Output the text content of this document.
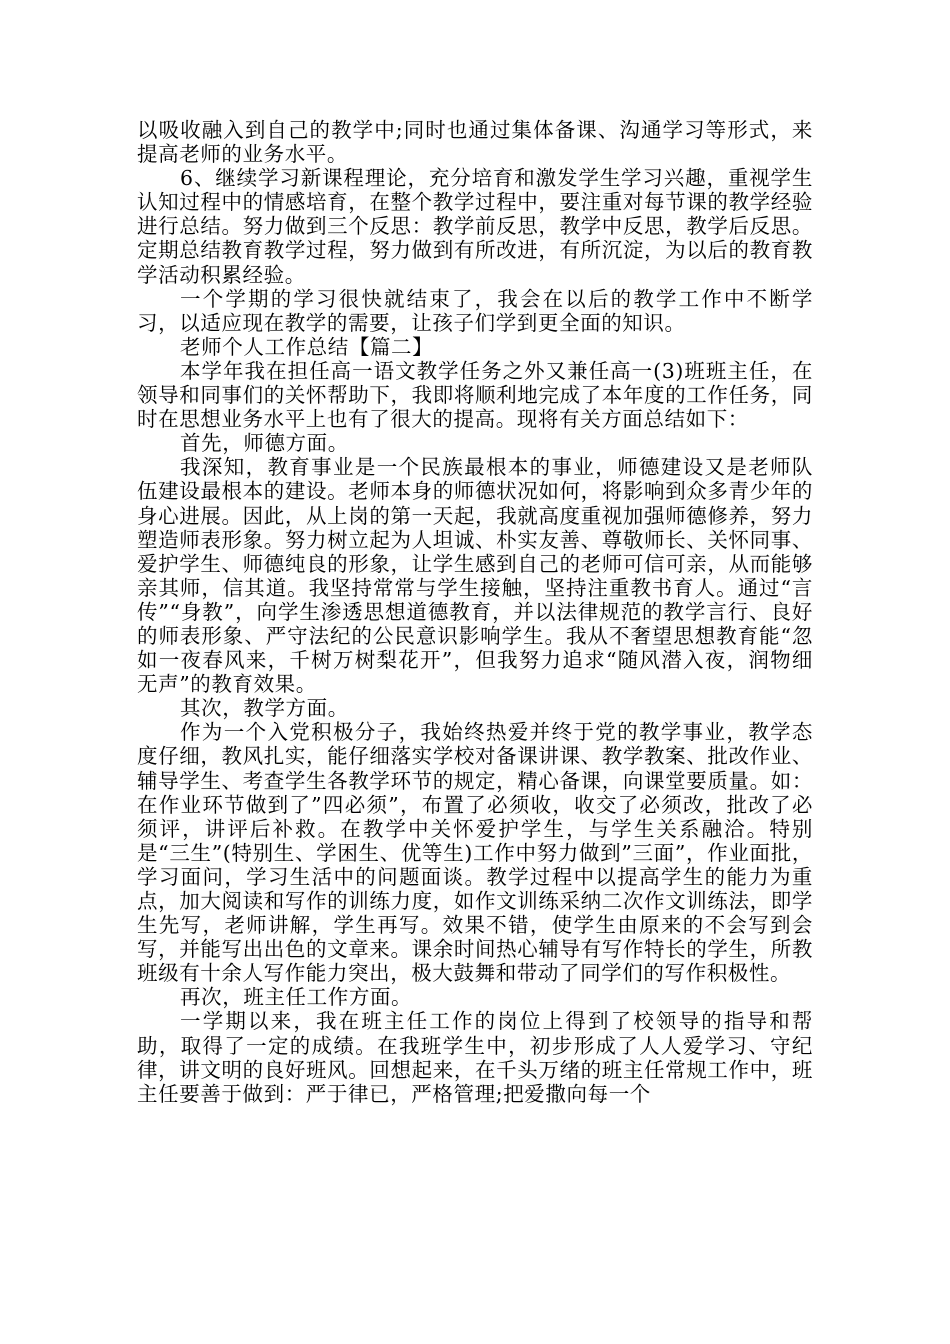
以吸收融入到自己的教学中;同时也通过集体备课、沟通学习等形式，来提高老师的业务水平。

6、继续学习新课程理论，充分培育和激发学生学习兴趣，重视学生认知过程中的情感培育，在整个教学过程中，要注重对每节课的教学经验进行总结。努力做到三个反思：教学前反思，教学中反思，教学后反思。定期总结教育教学过程，努力做到有所改进，有所沉淀，为以后的教育教学活动积累经验。

一个学期的学习很快就结束了，我会在以后的教学工作中不断学习，以适应现在教学的需要，让孩子们学到更全面的知识。

老师个人工作总结【篇二】

本学年我在担任高一语文教学任务之外又兼任高一(3)班班主任，在领导和同事们的关怀帮助下，我即将顺利地完成了本年度的工作任务，同时在思想业务水平上也有了很大的提高。现将有关方面总结如下：

首先，师德方面。

我深知，教育事业是一个民族最根本的事业，师德建设又是老师队伍建设最根本的建设。老师本身的师德状况如何，将影响到众多青少年的身心进展。因此，从上岗的第一天起，我就高度重视加强师德修养，努力塑造师表形象。努力树立起为人坦诚、朴实友善、尊敬师长、关怀同事、爱护学生、师德纯良的形象，让学生感到自己的老师可信可亲，从而能够亲其师，信其道。我坚持常常与学生接触，坚持注重教书育人。通过“言传”“身教”，向学生渗透思想道德教育，并以法律规范的教学言行、良好的师表形象、严守法纪的公民意识影响学生。我从不奢望思想教育能“忽如一夜春风来，千树万树梨花开”，但我努力追求“随风潜入夜，润物细无声”的教育效果。

其次，教学方面。

作为一个入党积极分子，我始终热爱并终于党的教学事业，教学态度仔细，教风扎实，能仔细落实学校对备课讲课、教学教案、批改作业、辅导学生、考查学生各教学环节的规定，精心备课，向课堂要质量。如：在作业环节做到了”四必须”，布置了必须收，收交了必须改，批改了必须评，讲评后补救。在教学中关怀爱护学生，与学生关系融洽。特别是“三生”(特别生、学困生、优等生)工作中努力做到”三面”，作业面批，学习面问，学习生活中的问题面谈。教学过程中以提高学生的能力为重点，加大阅读和写作的训练力度，如作文训练采纳二次作文训练法，即学生先写，老师讲解，学生再写。效果不错，使学生由原来的不会写到会写，并能写出出色的文章来。课余时间热心辅导有写作特长的学生，所教班级有十余人写作能力突出，极大鼓舞和带动了同学们的写作积极性。

再次，班主任工作方面。

一学期以来，我在班主任工作的岗位上得到了校领导的指导和帮助，取得了一定的成绩。在我班学生中，初步形成了人人爱学习、守纪律，讲文明的良好班风。回想起来，在千头万绪的班主任常规工作中，班主任要善于做到：严于律已，严格管理;把爱撒向每一个
